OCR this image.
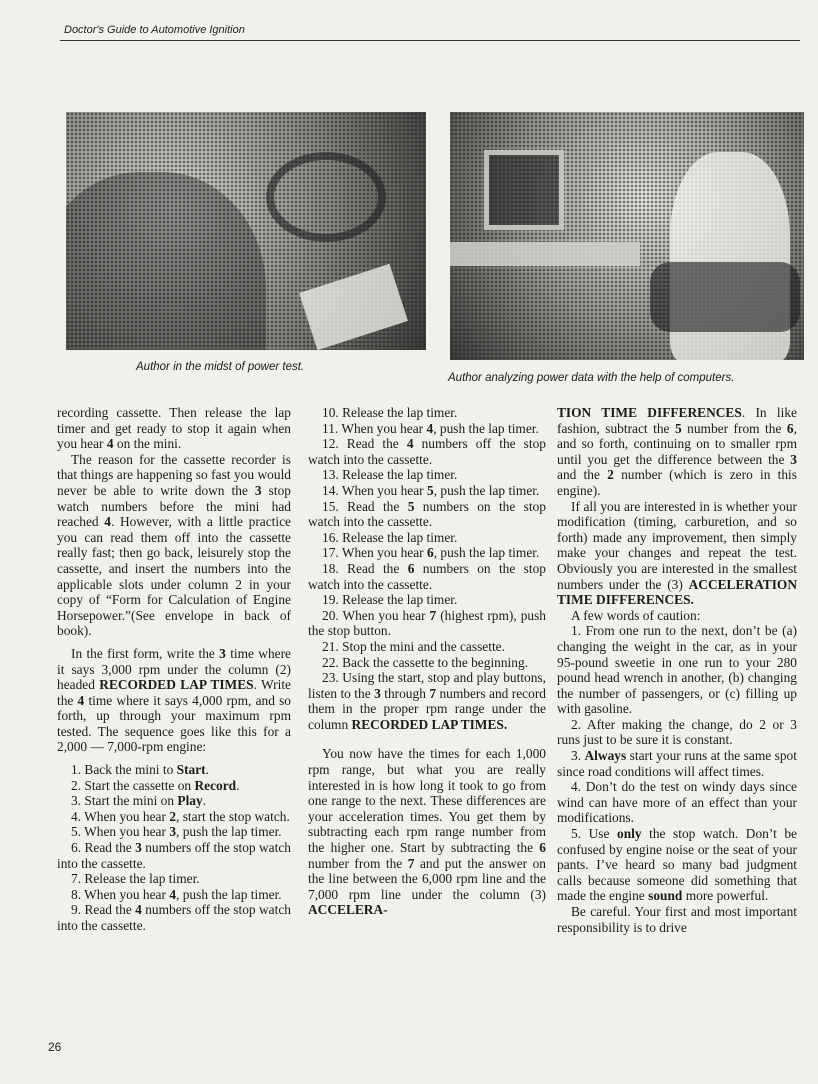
Doctor's Guide to Automotive Ignition
Author in the midst of power test.
Author analyzing power data with the help of computers.

recording cassette. Then release the lap timer and get ready to stop it again when you hear 4 on the mini.

The reason for the cassette recorder is that things are happening so fast you would never be able to write down the 3 stop watch numbers before the mini had reached 4. However, with a little practice you can read them off into the cassette really fast; then go back, leisurely stop the cassette, and insert the numbers into the applicable slots under column 2 in your copy of “Form for Calculation of Engine Horsepower.”(See envelope in back of book).

In the first form, write the 3 time where it says 3,000 rpm under the column (2) headed RECORDED LAP TIMES. Write the 4 time where it says 4,000 rpm, and so forth, up through your maximum rpm tested. The sequence goes like this for a 2,000 — 7,000-rpm engine:

1. Back the mini to Start.

2. Start the cassette on Record.

3. Start the mini on Play.

4. When you hear 2, start the stop watch.

5. When you hear 3, push the lap timer.

6. Read the 3 numbers off the stop watch into the cassette.

7. Release the lap timer.

8. When you hear 4, push the lap timer.

9. Read the 4 numbers off the stop watch into the cassette.

10. Release the lap timer.

11. When you hear 4, push the lap timer.

12. Read the 4 numbers off the stop watch into the cassette.

13. Release the lap timer.

14. When you hear 5, push the lap timer.

15. Read the 5 numbers on the stop watch into the cassette.

16. Release the lap timer.

17. When you hear 6, push the lap timer.

18. Read the 6 numbers on the stop watch into the cassette.

19. Release the lap timer.

20. When you hear 7 (highest rpm), push the stop button.

21. Stop the mini and the cassette.

22. Back the cassette to the beginning.

23. Using the start, stop and play buttons, listen to the 3 through 7 numbers and record them in the proper rpm range under the column RECORDED LAP TIMES.

You now have the times for each 1,000 rpm range, but what you are really interested in is how long it took to go from one range to the next. These differences are your acceleration times. You get them by subtracting each rpm range number from the higher one. Start by subtracting the 6 number from the 7 and put the answer on the line between the 6,000 rpm line and the 7,000 rpm line under the column (3) ACCELERA-

TION TIME DIFFERENCES. In like fashion, subtract the 5 number from the 6, and so forth, continuing on to smaller rpm until you get the difference between the 3 and the 2 number (which is zero in this engine).

If all you are interested in is whether your modification (timing, carburetion, and so forth) made any improvement, then simply make your changes and repeat the test. Obviously you are interested in the smallest numbers under the (3) ACCELERATION TIME DIFFERENCES.

A few words of caution:

1. From one run to the next, don’t be (a) changing the weight in the car, as in your 95-pound sweetie in one run to your 280 pound head wrench in another, (b) changing the number of passengers, or (c) filling up with gasoline.

2. After making the change, do 2 or 3 runs just to be sure it is constant.

3. Always start your runs at the same spot since road conditions will affect times.

4. Don’t do the test on windy days since wind can have more of an effect than your modifications.

5. Use only the stop watch. Don’t be confused by engine noise or the seat of your pants. I’ve heard so many bad judgment calls because someone did something that made the engine sound more powerful.

Be careful. Your first and most important responsibility is to drive

26
